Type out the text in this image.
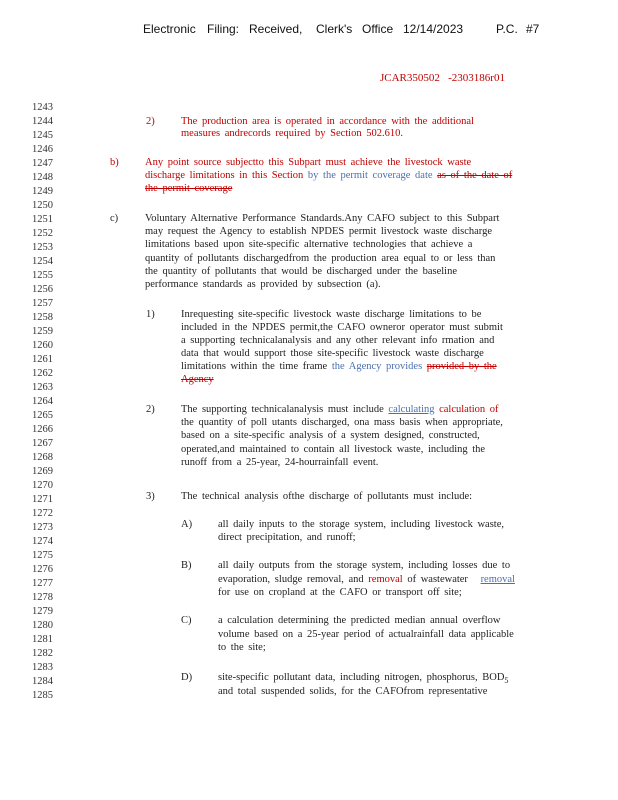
Electronic Filing: Received, Clerk's Office 12/14/2023	P.C. #7
JCAR350502   -2303186r01
1243
1244
1245
1246
1247
1248
1249
1250
1251
1252
1253
1254
1255
1256
1257
1258
1259
1260
1261
1262
1263
1264
1265
1266
1267
1268
1269
1270
1271
1272
1273
1274
1275
1276
1277
1278
1279
1280
1281
1282
1283
1284
1285
2)	The production area is operated in accordance with the additional
measures andrecords required by Section 502.610.
b)	Any point source subjectto this Subpart must achieve the livestock waste
discharge limitations in this Section by the permit coverage date as of the date of
the permit coverage
c)	Voluntary Alternative Performance Standards.Any CAFO subject to this Subpart
may request the Agency to establish NPDES permit livestock waste discharge
limitations based upon site-specific alternative technologies that achieve a
quantity of pollutants dischargedfrom the production area equal to or less than
the quantity of pollutants that would be discharged under the baseline
performance standards as provided by subsection (a).
1)	Inrequesting site-specific livestock waste discharge limitations to be
included in the NPDES permit,the CAFO owneror operator must submit
a supporting technicalanalysis and any other relevant info rmation and
data that would support those site-specific livestock waste discharge
limitations within the time frame the Agency provides provided by the
Agency
2)	The supporting technicalanalysis must include calculating calculation of
the quantity of poll utants discharged, ona mass basis when appropriate,
based on a site-specific analysis of a system designed, constructed,
operated,and maintained to contain all livestock waste, including the
runoff from a 25-year, 24-hourrainfall event.
3)	The technical analysis ofthe discharge of pollutants must include:
A) all daily inputs to the storage system, including livestock waste,
direct precipitation, and runoff;
B)	all daily outputs from the storage system, including losses due to
evaporation, sludge removal, and removal of wastewater removal
for use on cropland at the CAFO or transport off site;
C)	a calculation determining the predicted median annual overflow
volume based on a 25-year period of actualrainfall data applicable
to the site;
D) site-specific pollutant data, including nitrogen, phosphorus, $BOD_5$
and total suspended solids, for the CAFOfrom representative
